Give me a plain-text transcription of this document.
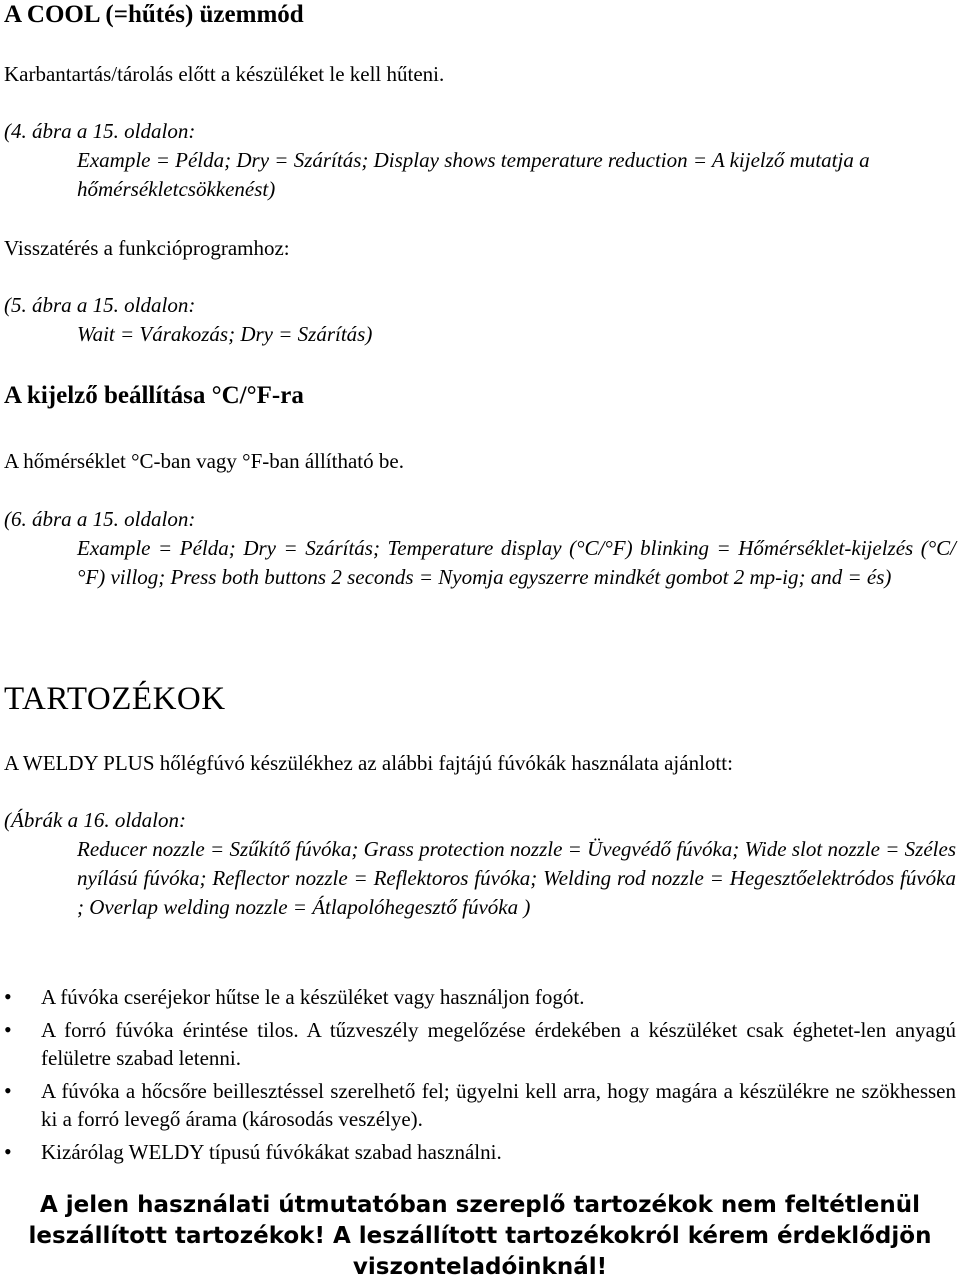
A COOL (=hűtés) üzemmód

Karbantartás/tárolás előtt a készüléket le kell hűteni.

(4. ábra a 15. oldalon:
Example = Példa; Dry = Szárítás; Display shows temperature reduction = A kijelző mutatja a hőmérsékletcsökkenést)

Visszatérés a funkcióprogramhoz:

(5. ábra a 15. oldalon:
Wait = Várakozás; Dry = Szárítás)
A kijelző beállítása °C/°F-ra

A hőmérséklet °C-ban vagy °F-ban állítható be.

(6. ábra a 15. oldalon:
Example = Példa; Dry = Szárítás; Temperature display (°C/°F) blinking = Hőmérséklet-kijelzés (°C/°F) villog; Press both buttons 2 seconds = Nyomja egyszerre mindkét gombot 2 mp-ig; and = és)
TARTOZÉKOK

A WELDY PLUS hőlégfúvó készülékhez az alábbi fajtájú fúvókák használata ajánlott:

(Ábrák a 16. oldalon:
Reducer nozzle = Szűkítő fúvóka; Grass protection nozzle = Üvegvédő fúvóka; Wide slot nozzle = Széles nyílású fúvóka; Reflector nozzle = Reflektoros fúvóka; Welding rod nozzle = Hegesztőelektródos fúvóka ; Overlap welding nozzle = Átlapolóhegesztő fúvóka )
• A fúvóka cseréjekor hűtse le a készüléket vagy használjon fogót.
• A forró fúvóka érintése tilos. A tűzveszély megelőzése érdekében a készüléket csak éghetet-len anyagú felületre szabad letenni.
• A fúvóka a hőcsőre beillesztéssel szerelhető fel; ügyelni kell arra, hogy magára a készülékre ne szökhessen ki a forró levegő árama (károsodás veszélye).
• Kizárólag WELDY típusú fúvókákat szabad használni.
A jelen használati útmutatóban szereplő tartozékok nem feltétlenül leszállított tartozékok! A leszállított tartozékokról kérem érdeklődjön viszonteladóinknál!
